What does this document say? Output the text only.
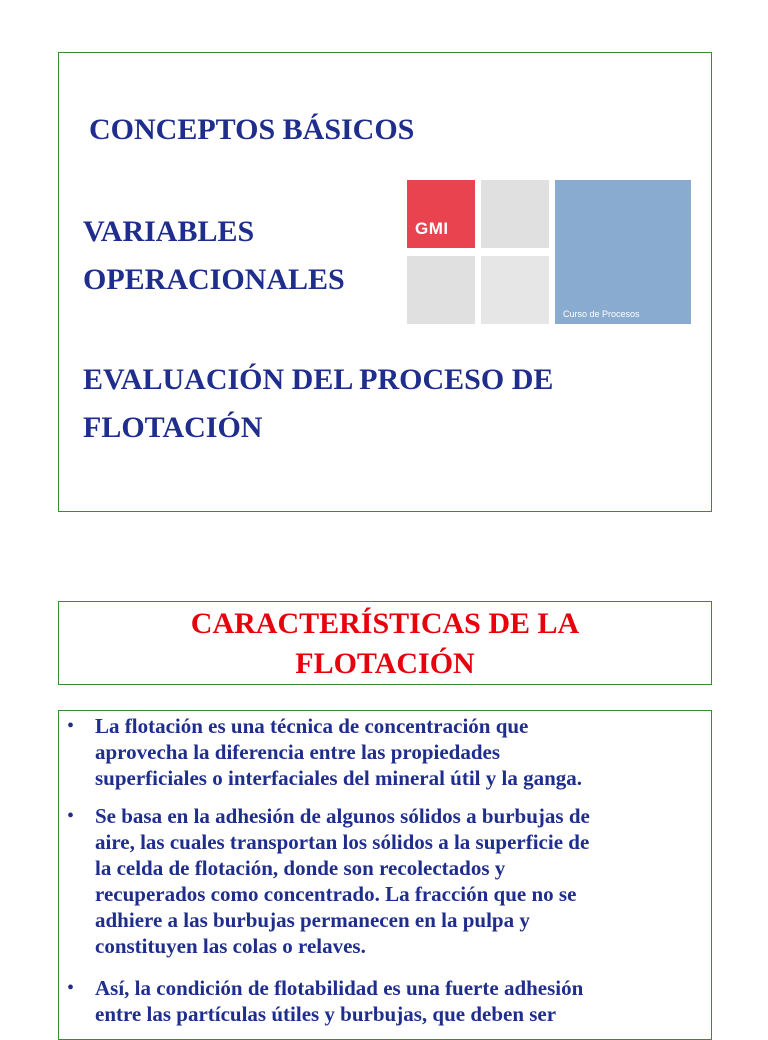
CONCEPTOS BÁSICOS
VARIABLES
OPERACIONALES
EVALUACIÓN DEL PROCESO DE
FLOTACIÓN
GMI
Curso de Procesos
CARACTERÍSTICAS DE LA
FLOTACIÓN
• La flotación es una técnica de concentración que
aprovecha la diferencia entre las propiedades
superficiales o interfaciales del mineral útil y la ganga.
• Se basa en la adhesión de algunos sólidos a burbujas de
aire, las cuales transportan los sólidos a la superficie de
la celda de flotación, donde son recolectados y
recuperados como concentrado. La fracción que no se
adhiere a las burbujas permanecen en la pulpa y
constituyen las colas o relaves.
• Así, la condición de flotabilidad es una fuerte adhesión
entre las partículas útiles y burbujas, que deben ser
